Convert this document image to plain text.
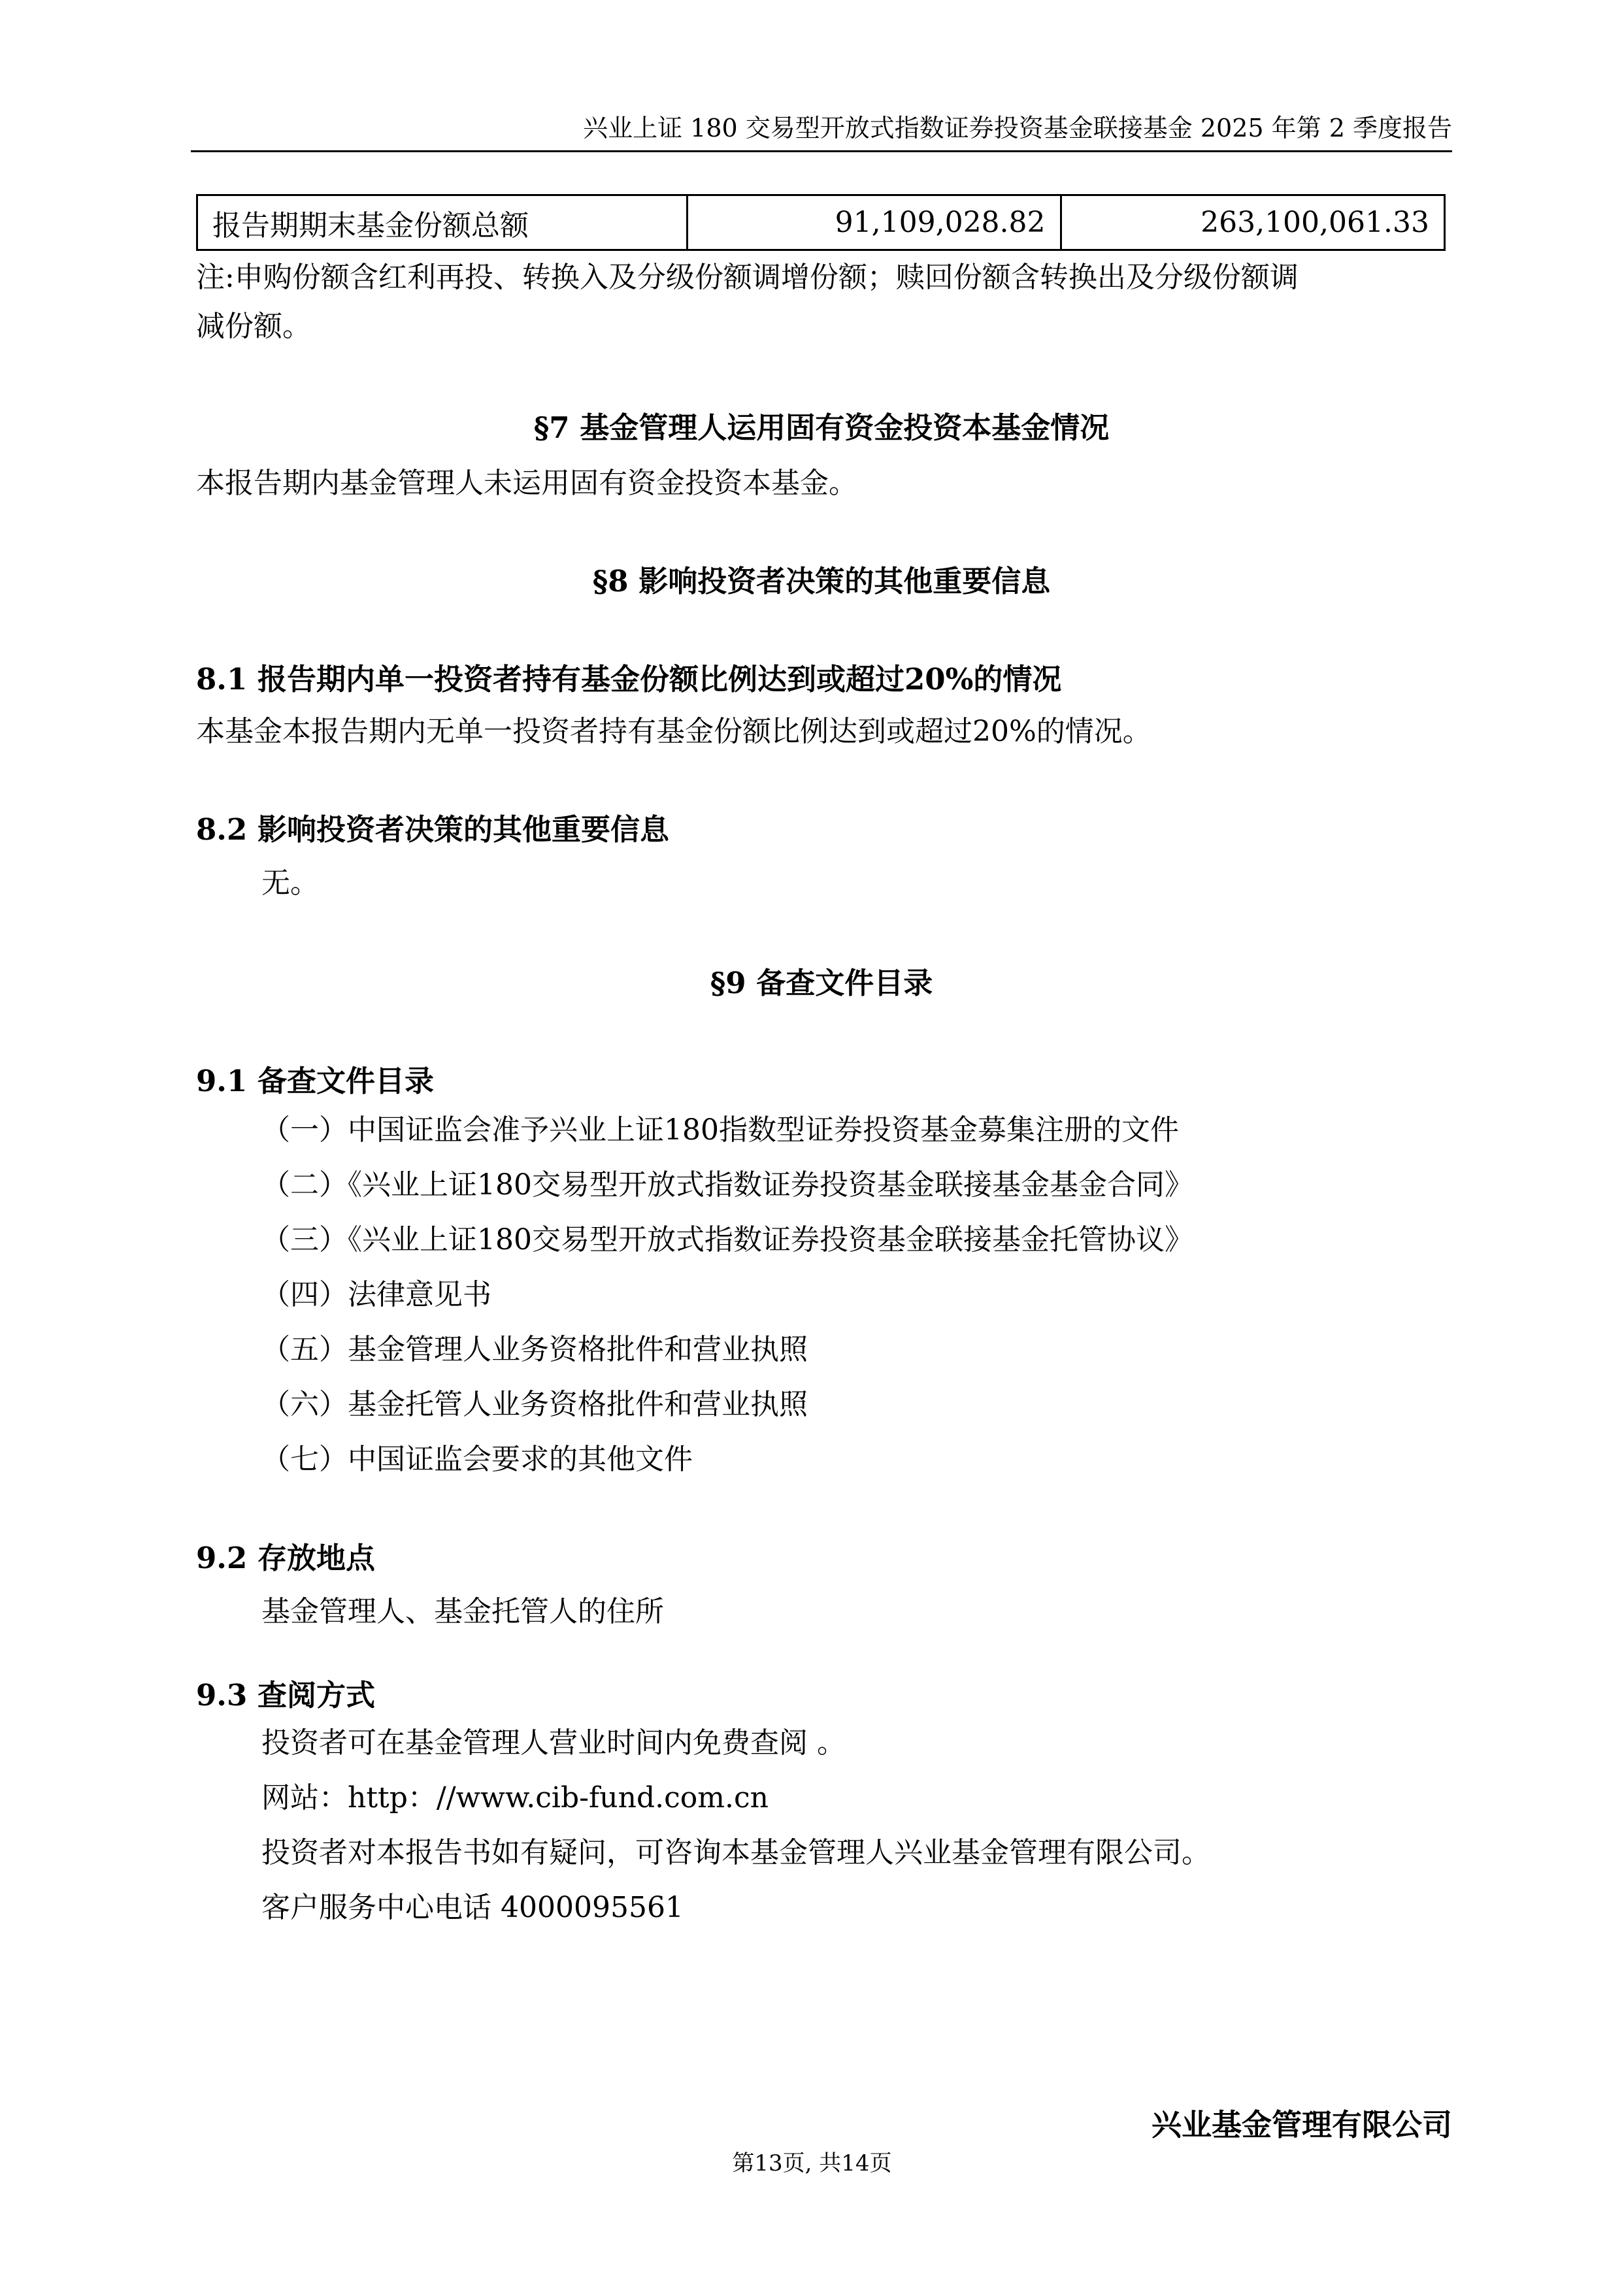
兴业上证 180 交易型开放式指数证券投资基金联接基金 2025 年第 2 季度报告
报告期期末基金份额总额	91,109,028.82	263,100,061.33
注:申购份额含红利再投、转换入及分级份额调增份额；赎回份额含转换出及分级份额调
减份额。
§7 基金管理人运用固有资金投资本基金情况
本报告期内基金管理人未运用固有资金投资本基金。
§8 影响投资者决策的其他重要信息
8.1 报告期内单一投资者持有基金份额比例达到或超过20%的情况
本基金本报告期内无单一投资者持有基金份额比例达到或超过20%的情况。
8.2 影响投资者决策的其他重要信息
无。
§9 备查文件目录
9.1 备查文件目录
（一）中国证监会准予兴业上证180指数型证券投资基金募集注册的文件
（二）《兴业上证180交易型开放式指数证券投资基金联接基金基金合同》
（三）《兴业上证180交易型开放式指数证券投资基金联接基金托管协议》
（四）法律意见书
（五）基金管理人业务资格批件和营业执照
（六）基金托管人业务资格批件和营业执照
（七）中国证监会要求的其他文件
9.2 存放地点
基金管理人、基金托管人的住所
9.3 查阅方式
投资者可在基金管理人营业时间内免费查阅 。
网站：http：//www.cib-fund.com.cn
投资者对本报告书如有疑问，可咨询本基金管理人兴业基金管理有限公司。
客户服务中心电话 4000095561
兴业基金管理有限公司
第13页, 共14页
